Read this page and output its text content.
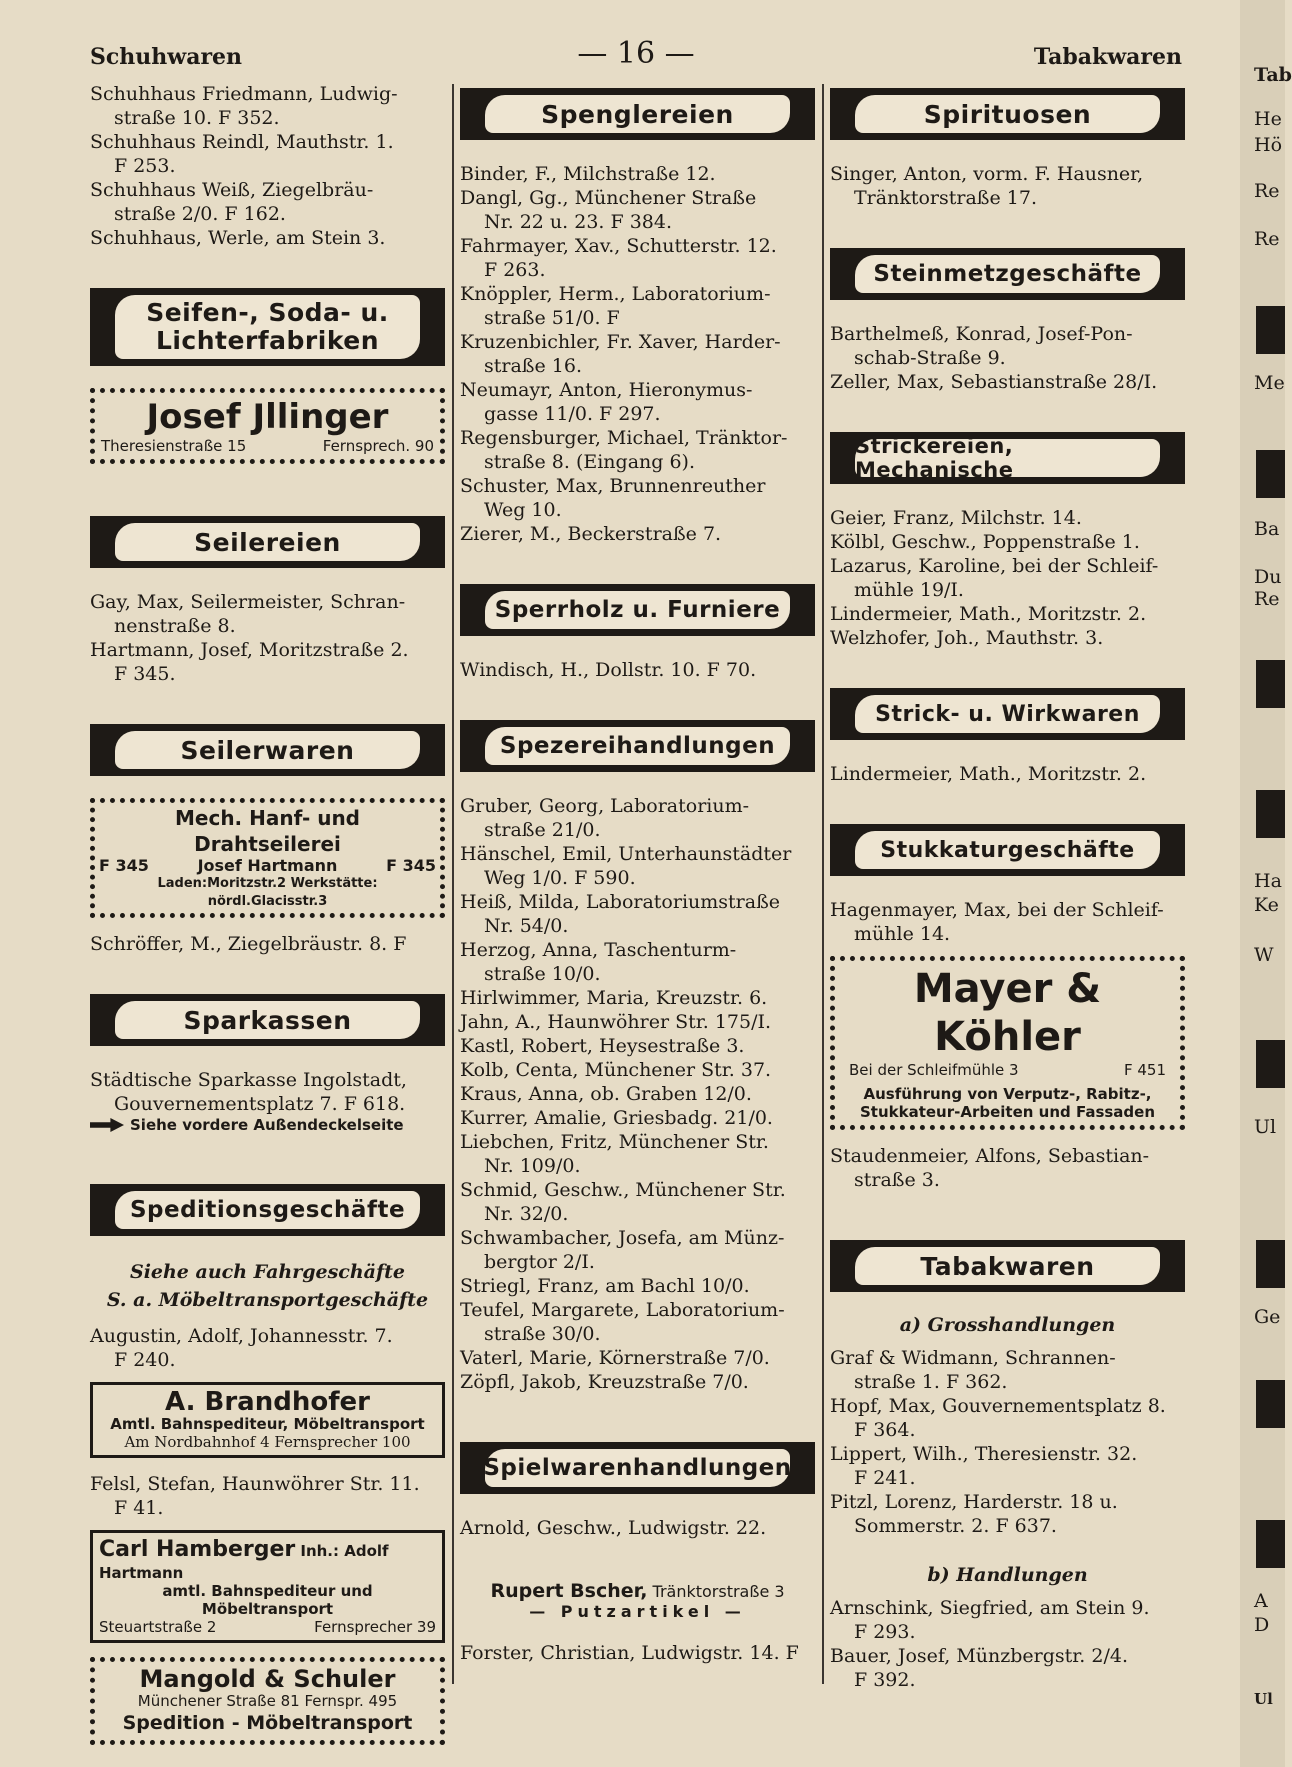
Schuhwaren	— 16 —	Tabakwaren

Schuhhaus Friedmann, Ludwig-
straße 10. F 352.

Schuhhaus Reindl, Mauthstr. 1.
F 253.

Schuhhaus Weiß, Ziegelbräu-
straße 2/0. F 162.

Schuhhaus, Werle, am Stein 3.

Seifen-, Soda- u.
Lichterfabriken
Josef Jllinger
Theresienstraße 15	Fernsprech. 90
Seilereien

Gay, Max, Seilermeister, Schran-
nenstraße 8.

Hartmann, Josef, Moritzstraße 2.
F 345.

Seilerwaren
Mech. Hanf- und Drahtseilerei
F 345	Josef Hartmann	F 345
Laden:Moritzstr.2 Werkstätte: nördl.Glacisstr.3

Schröffer, M., Ziegelbräustr. 8. F

Sparkassen

Städtische Sparkasse Ingolstadt,
Gouvernementsplatz 7. F 618.

Siehe vordere Außendeckelseite
Speditionsgeschäfte
Siehe auch Fahrgeschäfte
S. a. Möbeltransportgeschäfte

Augustin, Adolf, Johannesstr. 7.
F 240.

A. Brandhofer
Amtl. Bahnspediteur, Möbeltransport
Am Nordbahnhof 4 Fernsprecher 100

Felsl, Stefan, Haunwöhrer Str. 11.
F 41.

Carl Hamberger Inh.: Adolf Hartmann
amtl. Bahnspediteur und Möbeltransport
Steuartstraße 2	Fernsprecher 39
Mangold & Schuler
Münchener Straße 81 Fernspr. 495
Spedition - Möbeltransport
Spenglereien

Binder, F., Milchstraße 12.

Dangl, Gg., Münchener Straße
Nr. 22 u. 23. F 384.

Fahrmayer, Xav., Schutterstr. 12.
F 263.

Knöppler, Herm., Laboratorium-
straße 51/0. F

Kruzenbichler, Fr. Xaver, Harder-
straße 16.

Neumayr, Anton, Hieronymus-
gasse 11/0. F 297.

Regensburger, Michael, Tränktor-
straße 8. (Eingang 6).

Schuster, Max, Brunnenreuther
Weg 10.

Zierer, M., Beckerstraße 7.

Sperrholz u. Furniere

Windisch, H., Dollstr. 10. F 70.

Spezereihandlungen

Gruber, Georg, Laboratorium-
straße 21/0.

Hänschel, Emil, Unterhaunstädter
Weg 1/0. F 590.

Heiß, Milda, Laboratoriumstraße
Nr. 54/0.

Herzog, Anna, Taschenturm-
straße 10/0.

Hirlwimmer, Maria, Kreuzstr. 6.

Jahn, A., Haunwöhrer Str. 175/I.

Kastl, Robert, Heysestraße 3.

Kolb, Centa, Münchener Str. 37.

Kraus, Anna, ob. Graben 12/0.

Kurrer, Amalie, Griesbadg. 21/0.

Liebchen, Fritz, Münchener Str.
Nr. 109/0.

Schmid, Geschw., Münchener Str.
Nr. 32/0.

Schwambacher, Josefa, am Münz-
bergtor 2/I.

Striegl, Franz, am Bachl 10/0.

Teufel, Margarete, Laboratorium-
straße 30/0.

Vaterl, Marie, Körnerstraße 7/0.

Zöpfl, Jakob, Kreuzstraße 7/0.

Spielwarenhandlungen

Arnold, Geschw., Ludwigstr. 22.

Rupert Bscher, Tränktorstraße 3
— Putzartikel —

Forster, Christian, Ludwigstr. 14. F

Spirituosen

Singer, Anton, vorm. F. Hausner,
Tränktorstraße 17.

Steinmetzgeschäfte

Barthelmeß, Konrad, Josef-Pon-
schab-Straße 9.

Zeller, Max, Sebastianstraße 28/I.

Strickereien, Mechanische

Geier, Franz, Milchstr. 14.

Kölbl, Geschw., Poppenstraße 1.

Lazarus, Karoline, bei der Schleif-
mühle 19/I.

Lindermeier, Math., Moritzstr. 2.

Welzhofer, Joh., Mauthstr. 3.

Strick- u. Wirkwaren

Lindermeier, Math., Moritzstr. 2.

Stukkaturgeschäfte

Hagenmayer, Max, bei der Schleif-
mühle 14.

Mayer & Köhler
Bei der Schleifmühle 3	F 451
Ausführung von Verputz-, Rabitz-,
Stukkateur-Arbeiten und Fassaden

Staudenmeier, Alfons, Sebastian-
straße 3.

Tabakwaren
a) Grosshandlungen

Graf & Widmann, Schrannen-
straße 1. F 362.

Hopf, Max, Gouvernementsplatz 8.
F 364.

Lippert, Wilh., Theresienstr. 32.
F 241.

Pitzl, Lorenz, Harderstr. 18 u.
Sommerstr. 2. F 637.

b) Handlungen

Arnschink, Siegfried, am Stein 9.
F 293.

Bauer, Josef, Münzbergstr. 2/4.
F 392.

Tab
He
Hö
Re
Re
Me
Ba
Du
Re
Ha
Ke
W
Ul
Ge
A
D
Ul
